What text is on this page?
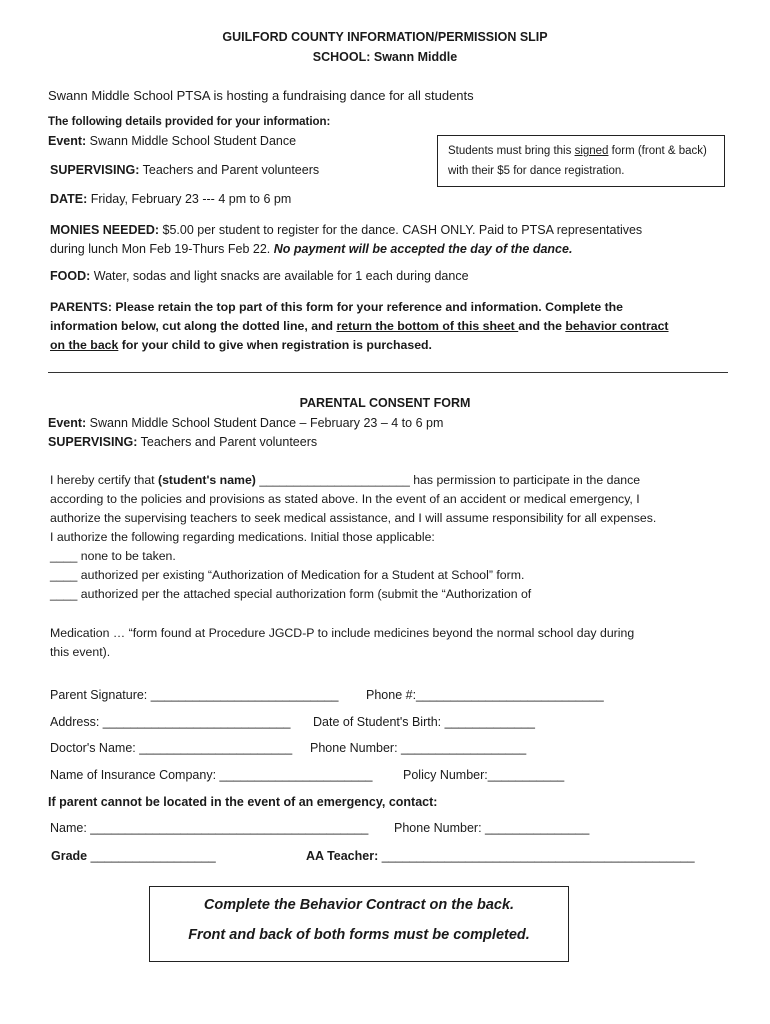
GUILFORD COUNTY INFORMATION/PERMISSION SLIP
SCHOOL: Swann Middle
Swann Middle School PTSA is hosting a fundraising dance for all students
The following details provided for your information:
Event: Swann Middle School Student Dance
Students must bring this signed form (front & back) with their $5 for dance registration.
SUPERVISING: Teachers and Parent volunteers
DATE: Friday, February 23 --- 4 pm to 6 pm
MONIES NEEDED: $5.00 per student to register for the dance. CASH ONLY. Paid to PTSA representatives
during lunch Mon Feb 19-Thurs Feb 22. No payment will be accepted the day of the dance.
FOOD: Water, sodas and light snacks are available for 1 each during dance
PARENTS: Please retain the top part of this form for your reference and information. Complete the
information below, cut along the dotted line, and return the bottom of this sheet and the behavior contract
on the back for your child to give when registration is purchased.
PARENTAL CONSENT FORM
Event: Swann Middle School Student Dance – February 23 – 4 to 6 pm
SUPERVISING: Teachers and Parent volunteers
I hereby certify that (student's name) ______________________ has permission to participate in the dance
according to the policies and provisions as stated above. In the event of an accident or medical emergency, I
authorize the supervising teachers to seek medical assistance, and I will assume responsibility for all expenses.
I authorize the following regarding medications. Initial those applicable:
____ none to be taken.
____ authorized per existing “Authorization of Medication for a Student at School” form.
____ authorized per the attached special authorization form (submit the “Authorization of
Medication … “form found at Procedure JGCD-P to include medicines beyond the normal school day during
this event).
Parent Signature: ___________________________ Phone #:___________________________
Address: ___________________________ Date of Student's Birth: _____________
Doctor's Name: ______________________ Phone Number: __________________
Name of Insurance Company: ______________________ Policy Number:___________
If parent cannot be located in the event of an emergency, contact:
Name: ________________________________________ Phone Number: _______________
Grade __________________	AA Teacher: _____________________________________________
Complete the Behavior Contract on the back.
Front and back of both forms must be completed.
